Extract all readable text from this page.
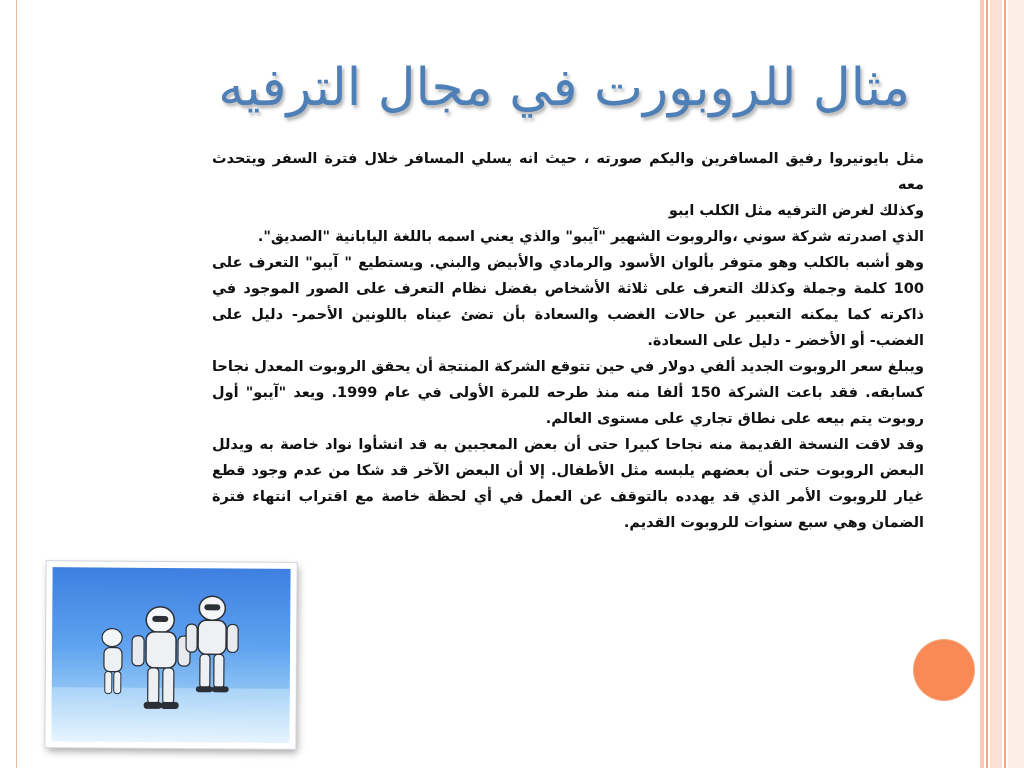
مثال للروبورت في مجال الترفيه

مثل بايونيروا رفيق المسافرين واليكم صورته ، حيث انه يسلي المسافر خلال فترة السفر ويتحدث معه

وكذلك لغرض الترفيه مثل الكلب ايبو

الذي اصدرته شركة سوني ،والروبوت الشهير "آيبو" والذي يعني اسمه باللغة اليابانية "الصديق".

وهو أشبه بالكلب وهو متوفر بألوان الأسود والرمادي والأبيض والبني. ويستطيع " آيبو" التعرف على 100 كلمة وجملة وكذلك التعرف على ثلاثة الأشخاص بفضل نظام التعرف على الصور الموجود في ذاكرته كما يمكنه التعبير عن حالات الغضب والسعادة بأن تضئ عيناه باللونين الأحمر- دليل على الغضب- أو الأخضر - دليل على السعادة.

ويبلغ سعر الروبوت الجديد ألفي دولار في حين تتوقع الشركة المنتجة أن يحقق الروبوت المعدل نجاحا كسابقه. فقد باعت الشركة 150 ألفا منه منذ طرحه للمرة الأولى في عام 1999. ويعد "آيبو" أول روبوت يتم بيعه على نطاق تجاري على مستوى العالم.

وقد لاقت النسخة القديمة منه نجاحا كبيرا حتى أن بعض المعجبين به قد انشأوا نواد خاصة به ويدلل البعض الروبوت حتى أن بعضهم يلبسه مثل الأطفال. إلا أن البعض الآخر قد شكا من عدم وجود قطع غيار للروبوت الأمر الذي قد يهدده بالتوقف عن العمل في أي لحظة خاصة مع اقتراب انتهاء فترة الضمان وهي سبع سنوات للروبوت القديم.
